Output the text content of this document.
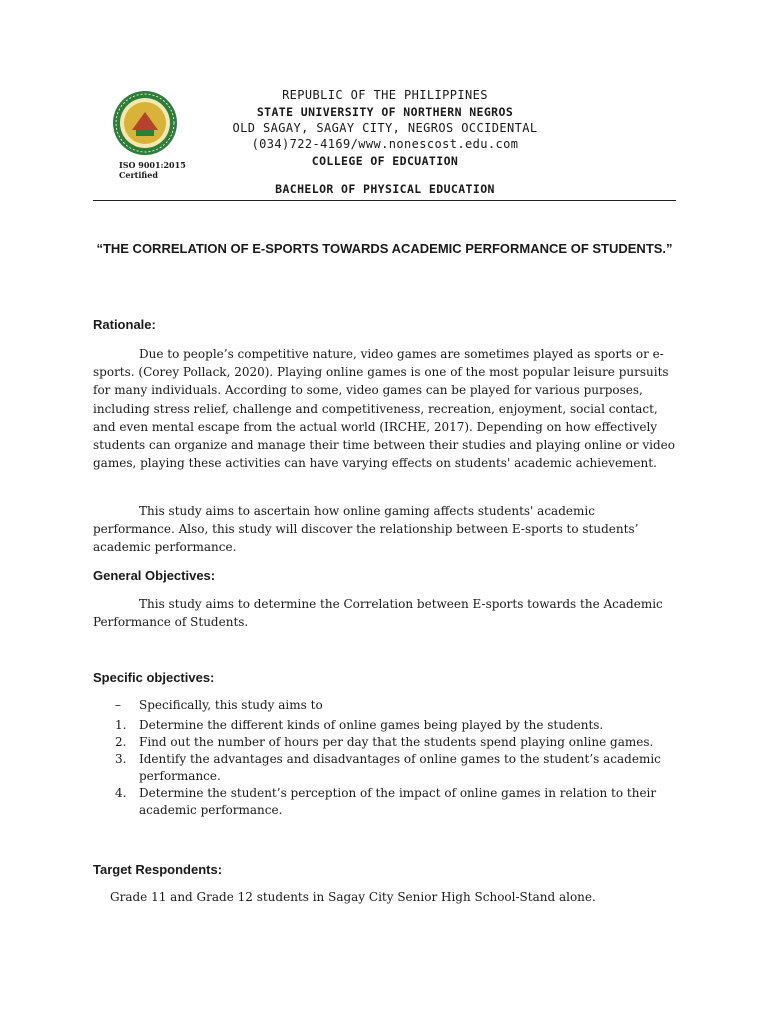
ISO 9001:2015
Certified
REPUBLIC OF THE PHILIPPINES
STATE UNIVERSITY OF NORTHERN NEGROS
OLD SAGAY, SAGAY CITY, NEGROS OCCIDENTAL
(034)722-4169/www.nonescost.edu.com
COLLEGE OF EDCUATION
BACHELOR OF PHYSICAL EDUCATION
“THE CORRELATION OF E-SPORTS TOWARDS ACADEMIC PERFORMANCE OF STUDENTS.”
Rationale:
Due to people’s competitive nature, video games are sometimes played as sports or e-sports. (Corey Pollack, 2020). Playing online games is one of the most popular leisure pursuits for many individuals. According to some, video games can be played for various purposes, including stress relief, challenge and competitiveness, recreation, enjoyment, social contact, and even mental escape from the actual world (IRCHE, 2017). Depending on how effectively students can organize and manage their time between their studies and playing online or video games, playing these activities can have varying effects on students' academic achievement.
This study aims to ascertain how online gaming affects students' academic performance. Also, this study will discover the relationship between E-sports to students’ academic performance.
General Objectives:
This study aims to determine the Correlation between E-sports towards the Academic Performance of Students.
Specific objectives:
– Specifically, this study aims to
1. Determine the different kinds of online games being played by the students.
2. Find out the number of hours per day that the students spend playing online games.
3. Identify the advantages and disadvantages of online games to the student’s academic performance.
4. Determine the student’s perception of the impact of online games in relation to their academic performance.
Target Respondents:
Grade 11 and Grade 12 students in Sagay City Senior High School-Stand alone.
